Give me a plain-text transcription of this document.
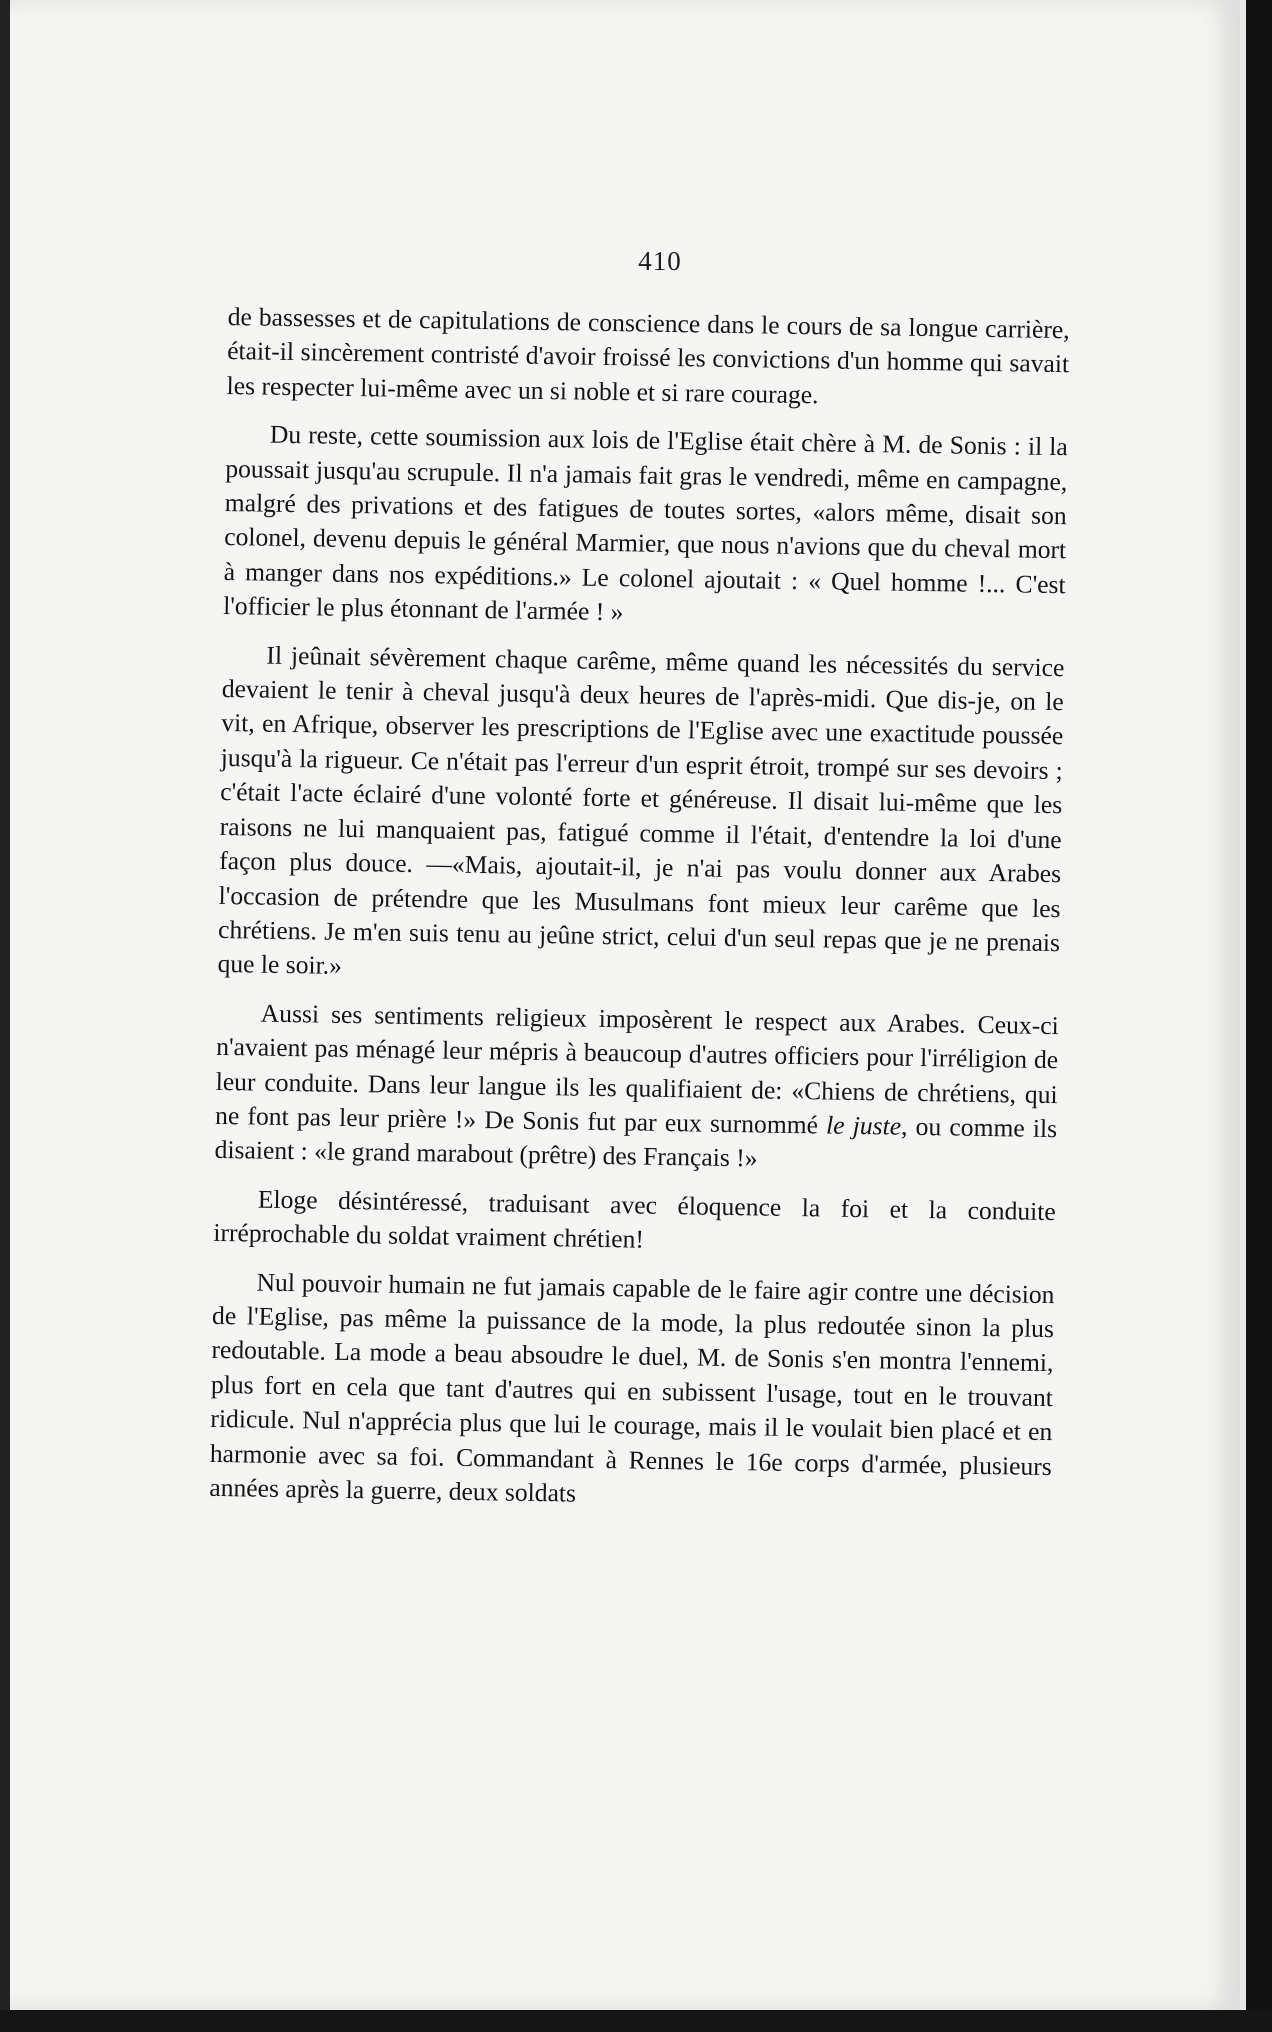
410

de bassesses et de capitulations de conscience dans le cours de sa longue carrière, était-il sincèrement contristé d'avoir froissé les convictions d'un homme qui savait les respecter lui-même avec un si noble et si rare courage.

Du reste, cette soumission aux lois de l'Eglise était chère à M. de Sonis : il la poussait jusqu'au scrupule. Il n'a jamais fait gras le vendredi, même en campagne, malgré des privations et des fatigues de toutes sortes, «alors même, disait son colonel, devenu depuis le général Marmier, que nous n'avions que du cheval mort à manger dans nos expéditions.» Le colonel ajoutait : « Quel homme !... C'est l'officier le plus étonnant de l'armée ! »

Il jeûnait sévèrement chaque carême, même quand les nécessités du service devaient le tenir à cheval jusqu'à deux heures de l'après-midi. Que dis-je, on le vit, en Afrique, observer les prescriptions de l'Eglise avec une exactitude poussée jusqu'à la rigueur. Ce n'était pas l'erreur d'un esprit étroit, trompé sur ses devoirs ; c'était l'acte éclairé d'une volonté forte et généreuse. Il disait lui-même que les raisons ne lui manquaient pas, fatigué comme il l'était, d'entendre la loi d'une façon plus douce. —«Mais, ajoutait-il, je n'ai pas voulu donner aux Arabes l'occasion de prétendre que les Musulmans font mieux leur carême que les chrétiens. Je m'en suis tenu au jeûne strict, celui d'un seul repas que je ne prenais que le soir.»

Aussi ses sentiments religieux imposèrent le respect aux Arabes. Ceux-ci n'avaient pas ménagé leur mépris à beaucoup d'autres officiers pour l'irréligion de leur conduite. Dans leur langue ils les qualifiaient de: «Chiens de chrétiens, qui ne font pas leur prière !» De Sonis fut par eux surnommé le juste, ou comme ils disaient : «le grand marabout (prêtre) des Français !»

Eloge désintéressé, traduisant avec éloquence la foi et la conduite irréprochable du soldat vraiment chrétien!

Nul pouvoir humain ne fut jamais capable de le faire agir contre une décision de l'Eglise, pas même la puissance de la mode, la plus redoutée sinon la plus redoutable. La mode a beau absoudre le duel, M. de Sonis s'en montra l'ennemi, plus fort en cela que tant d'autres qui en subissent l'usage, tout en le trouvant ridicule. Nul n'apprécia plus que lui le courage, mais il le voulait bien placé et en harmonie avec sa foi. Commandant à Rennes le 16e corps d'armée, plusieurs années après la guerre, deux soldats
